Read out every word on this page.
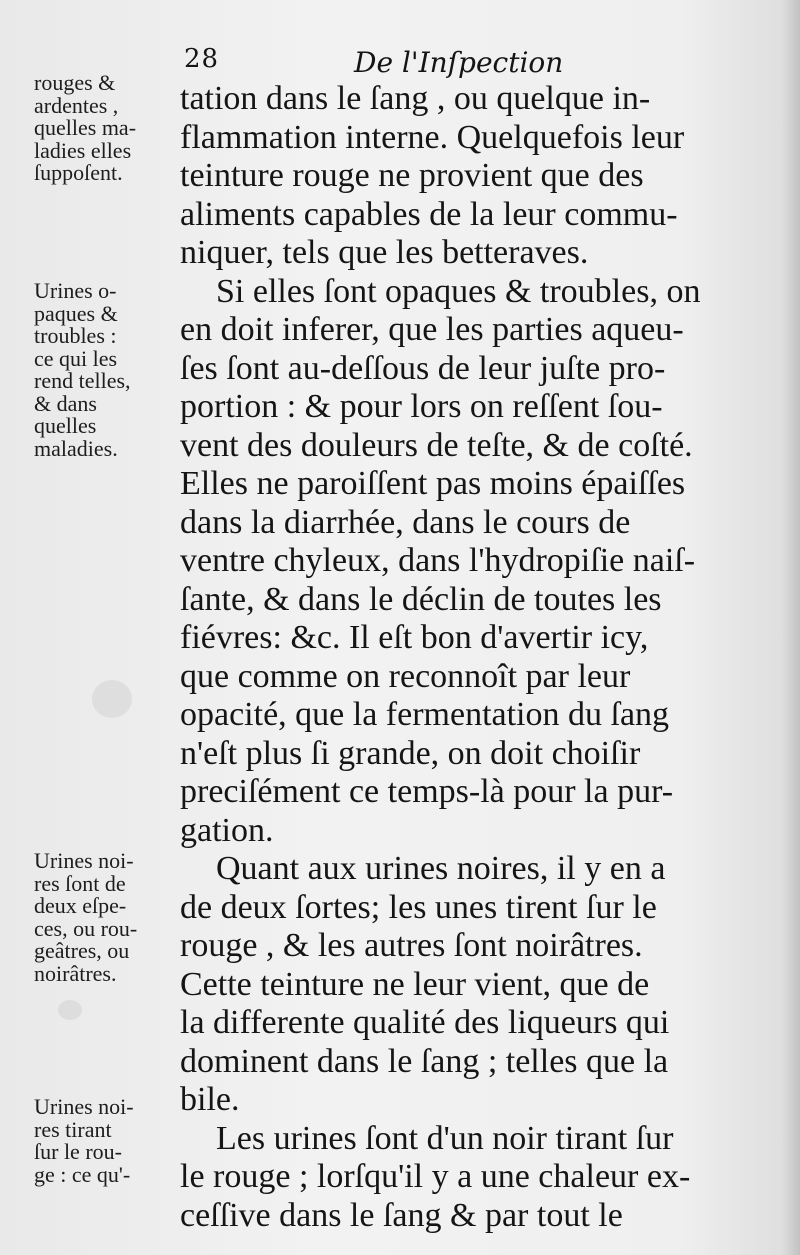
28	De l'Inſpection
tation dans le ſang , ou quelque in-
flammation interne. Quelquefois leur
teinture rouge ne provient que des
aliments capables de la leur commu-
niquer, tels que les betteraves.
Si elles ſont opaques & troubles, on
en doit inferer, que les parties aqueu-
ſes ſont au-deſſous de leur juſte pro-
portion : & pour lors on reſſent ſou-
vent des douleurs de teſte, & de coſté.
Elles ne paroiſſent pas moins épaiſſes
dans la diarrhée, dans le cours de
ventre chyleux, dans l'hydropiſie naiſ-
ſante, & dans le déclin de toutes les
fiévres: &c. Il eſt bon d'avertir icy,
que comme on reconnoît par leur
opacité, que la fermentation du ſang
n'eſt plus ſi grande, on doit choiſir
preciſément ce temps-là pour la pur-
gation.
Quant aux urines noires, il y en a
de deux ſortes; les unes tirent ſur le
rouge , & les autres ſont noirâtres.
Cette teinture ne leur vient, que de
la differente qualité des liqueurs qui
dominent dans le ſang ; telles que la
bile.
Les urines ſont d'un noir tirant ſur
le rouge ; lorſqu'il y a une chaleur ex-
ceſſive dans le ſang & par tout le
rouges &
ardentes ,
quelles ma-
ladies elles
ſuppoſent.
Urines o-
paques &
troubles :
ce qui les
rend telles,
& dans
quelles
maladies.
Urines noi-
res ſont de
deux eſpe-
ces, ou rou-
geâtres, ou
noirâtres.
Urines noi-
res tirant
ſur le rou-
ge : ce qu'-
